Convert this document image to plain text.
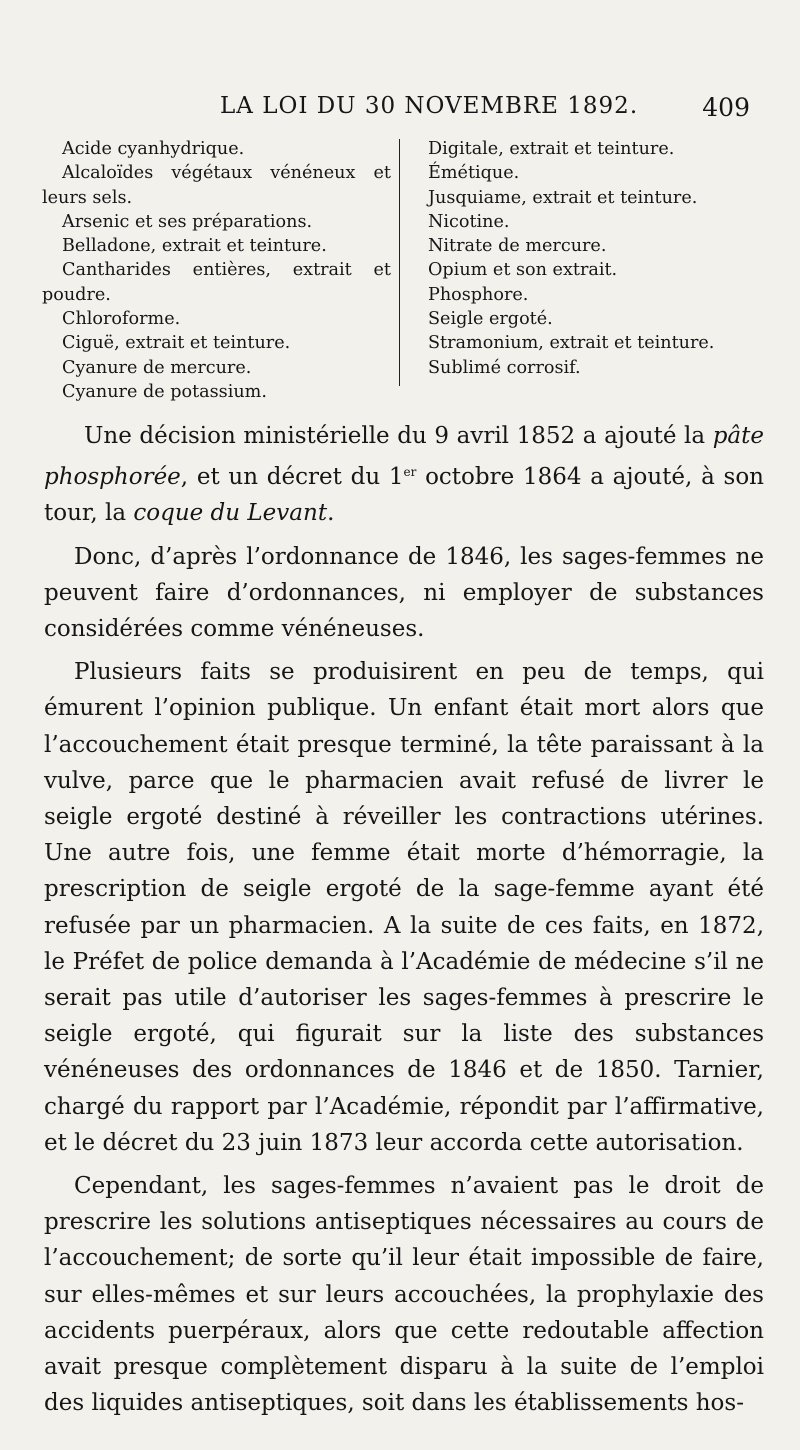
LA LOI DU 30 NOVEMBRE 1892.	409
Acide cyanhydrique.
Alcaloïdes végétaux vénéneux et leurs sels.
Arsenic et ses préparations.
Belladone, extrait et teinture.
Cantharides entières, extrait et poudre.
Chloroforme.
Ciguë, extrait et teinture.
Cyanure de mercure.
Cyanure de potassium.
Digitale, extrait et teinture.
Émétique.
Jusquiame, extrait et teinture.
Nicotine.
Nitrate de mercure.
Opium et son extrait.
Phosphore.
Seigle ergoté.
Stramonium, extrait et teinture.
Sublimé corrosif.

Une décision ministérielle du 9 avril 1852 a ajouté la pâte phosphorée, et un décret du 1er octobre 1864 a ajouté, à son tour, la coque du Levant.

Donc, d’après l’ordonnance de 1846, les sages-femmes ne peuvent faire d’ordonnances, ni employer de substances considérées comme vénéneuses.

Plusieurs faits se produisirent en peu de temps, qui émurent l’opinion publique. Un enfant était mort alors que l’accouchement était presque terminé, la tête paraissant à la vulve, parce que le pharmacien avait refusé de livrer le seigle ergoté destiné à réveiller les contractions utérines. Une autre fois, une femme était morte d’hémorragie, la prescription de seigle ergoté de la sage-femme ayant été refusée par un pharmacien. A la suite de ces faits, en 1872, le Préfet de police demanda à l’Académie de médecine s’il ne serait pas utile d’autoriser les sages-femmes à prescrire le seigle ergoté, qui figurait sur la liste des substances vénéneuses des ordonnances de 1846 et de 1850. Tarnier, chargé du rapport par l’Académie, répondit par l’affirmative, et le décret du 23 juin 1873 leur accorda cette autorisation.

Cependant, les sages-femmes n’avaient pas le droit de prescrire les solutions antiseptiques nécessaires au cours de l’accouchement; de sorte qu’il leur était impossible de faire, sur elles-mêmes et sur leurs accouchées, la prophylaxie des accidents puerpéraux, alors que cette redoutable affection avait presque complètement disparu à la suite de l’emploi des liquides antiseptiques, soit dans les établissements hos-
